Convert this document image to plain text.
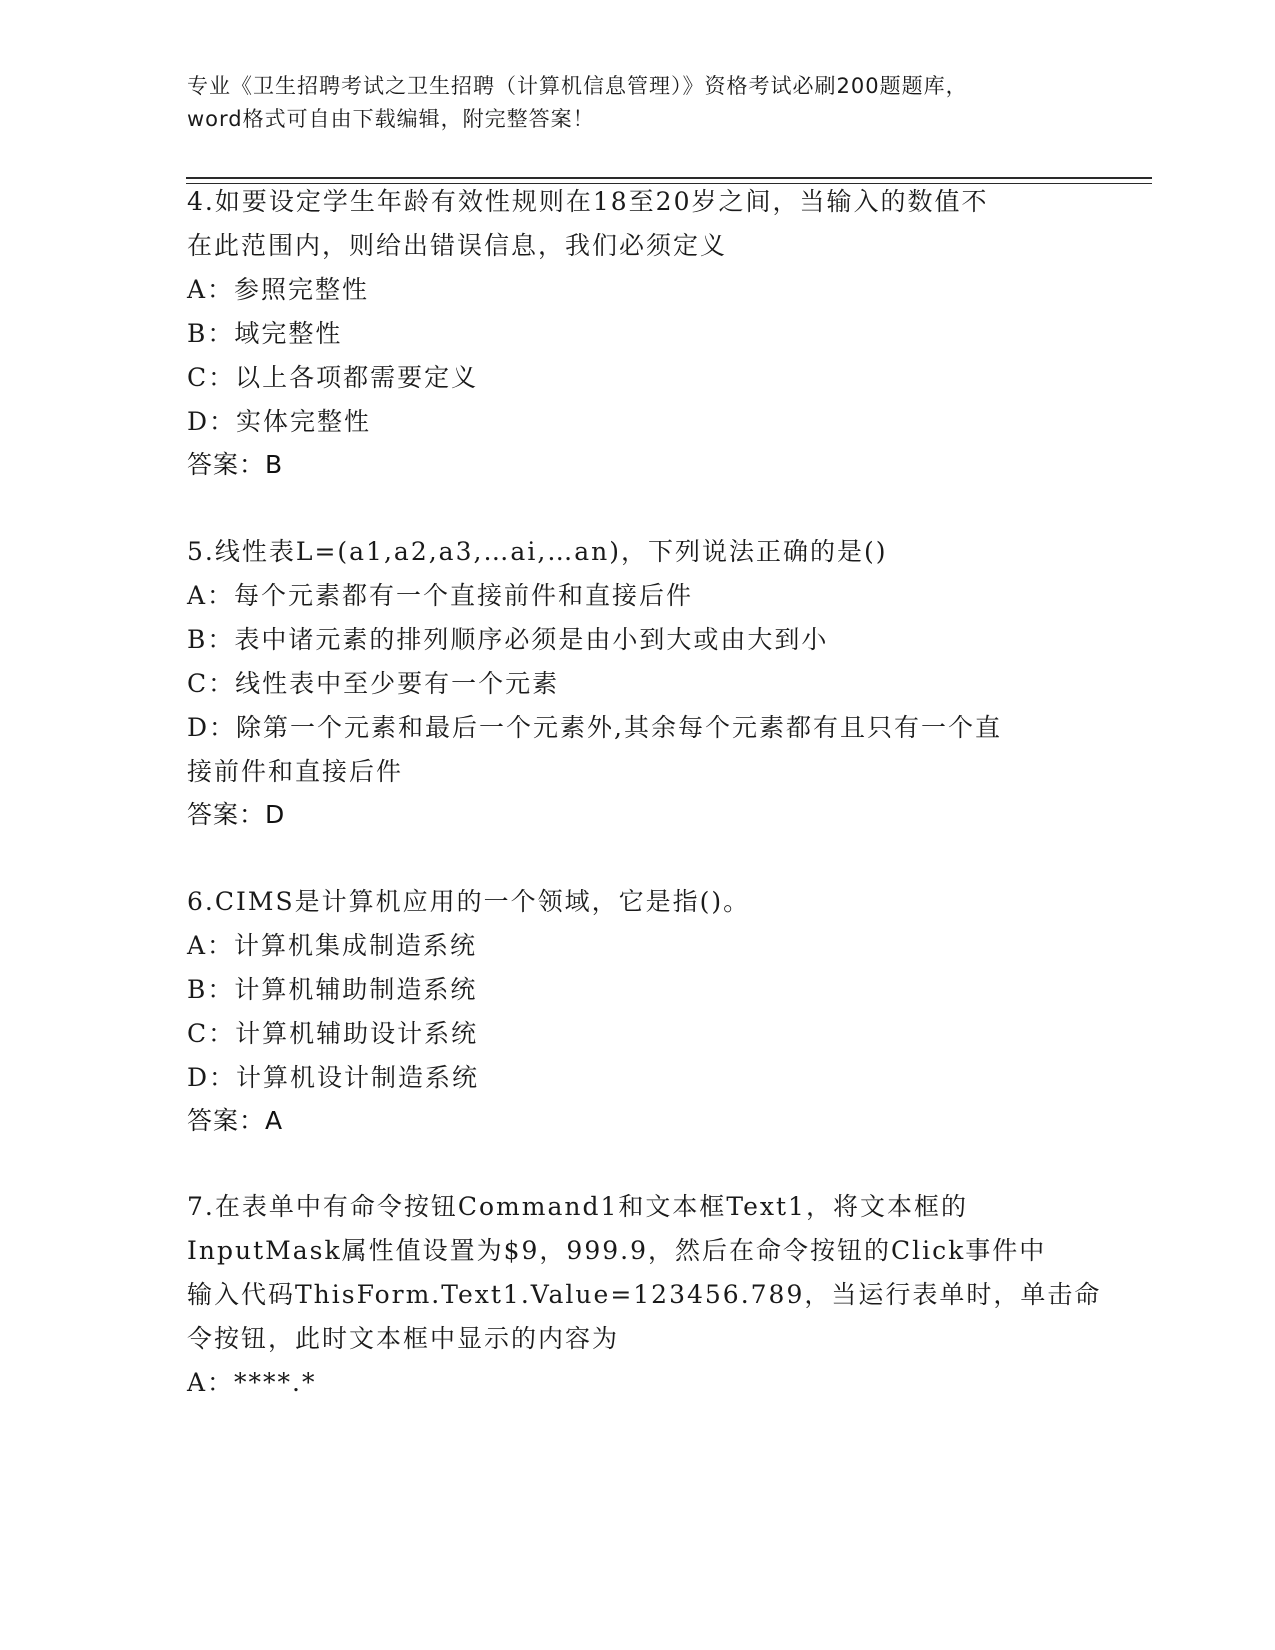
专业《卫生招聘考试之卫生招聘（计算机信息管理）》资格考试必刷200题题库，
word格式可自由下载编辑，附完整答案！
4.如要设定学生年龄有效性规则在18至20岁之间，当输入的数值不
在此范围内，则给出错误信息，我们必须定义
A：参照完整性
B：域完整性
C：以上各项都需要定义
D：实体完整性
答案：B
5.线性表L=(a1,a2,a3,…ai,…an)，下列说法正确的是()
A：每个元素都有一个直接前件和直接后件
B：表中诸元素的排列顺序必须是由小到大或由大到小
C：线性表中至少要有一个元素
D：除第一个元素和最后一个元素外,其余每个元素都有且只有一个直
接前件和直接后件
答案：D
6.CIMS是计算机应用的一个领域，它是指()。
A：计算机集成制造系统
B：计算机辅助制造系统
C：计算机辅助设计系统
D：计算机设计制造系统
答案：A
7.在表单中有命令按钮Command1和文本框Text1，将文本框的
InputMask属性值设置为$9，999.9，然后在命令按钮的Click事件中
输入代码ThisForm.Text1.Value=123456.789，当运行表单时，单击命
令按钮，此时文本框中显示的内容为
A：****.*
